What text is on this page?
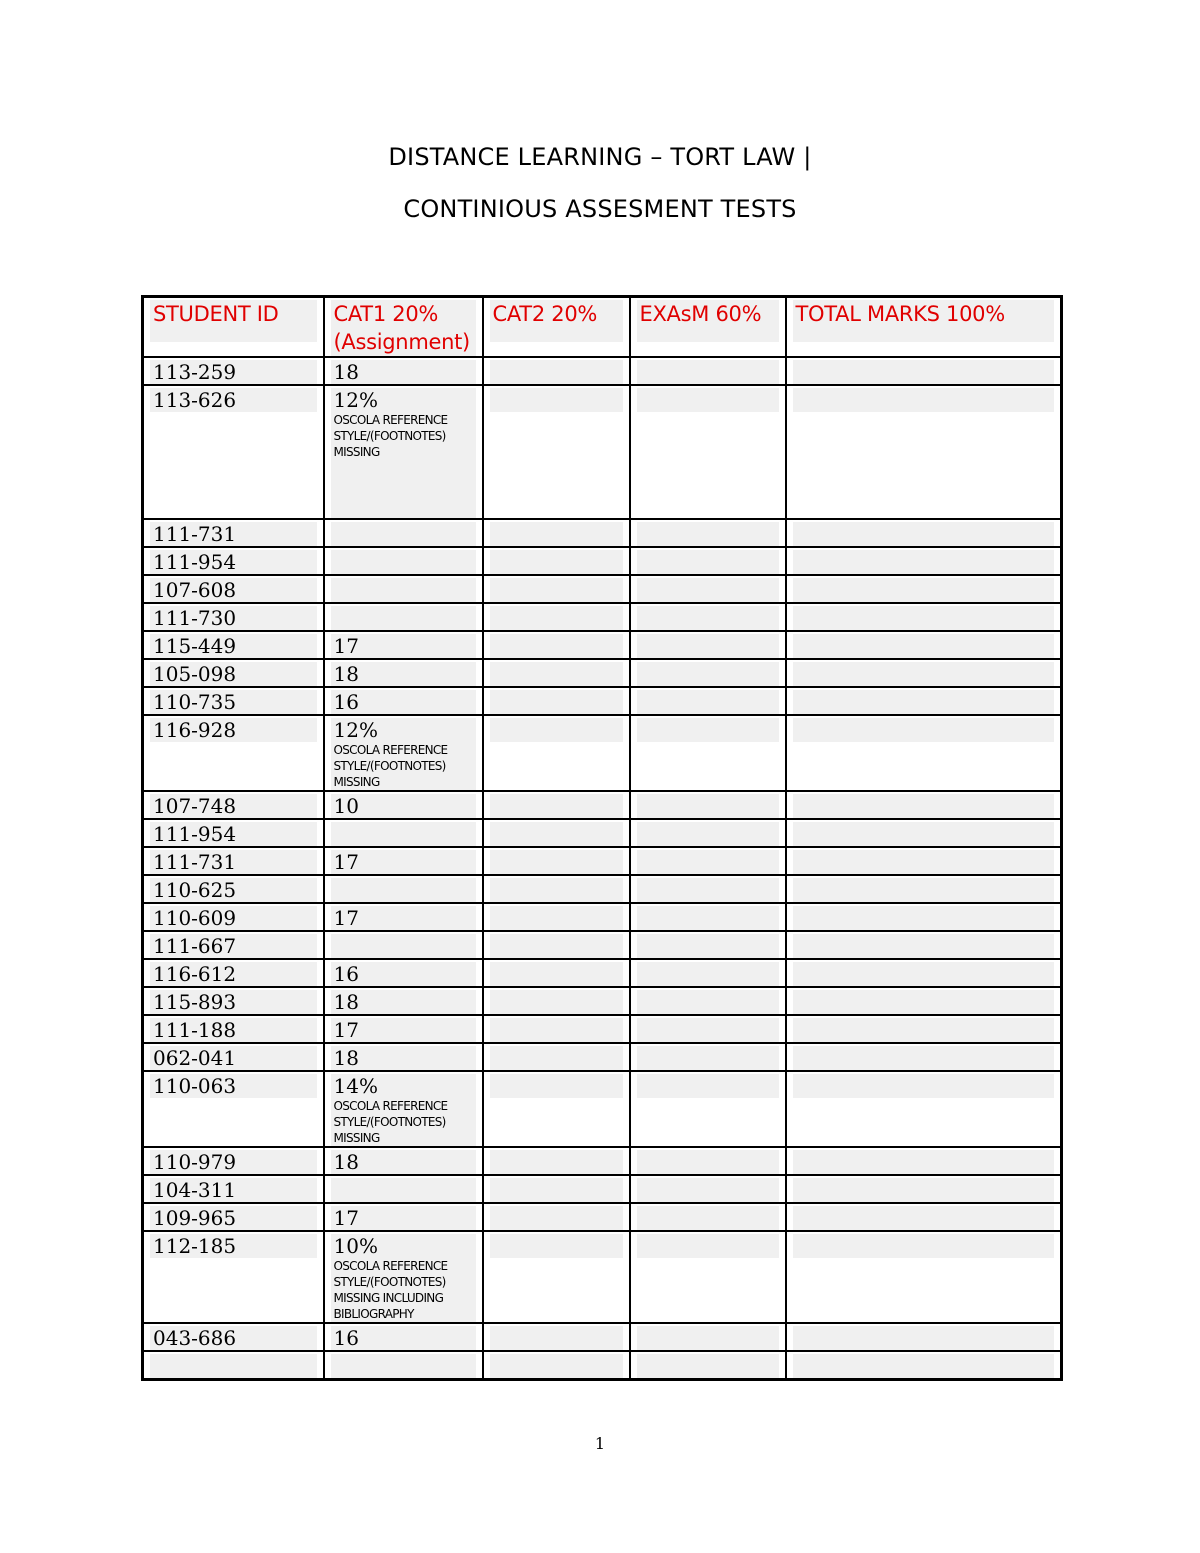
DISTANCE LEARNING – TORT LAW |
CONTINIOUS ASSESMENT TESTS
STUDENT ID	CAT1 20%
(Assignment)	CAT2 20%	EXAsM 60%	TOTAL MARKS 100%

113-259	18			

113-626	12%
OSCOLA REFERENCE STYLE/(FOOTNOTES) MISSING			

111-731				

111-954				

107-608				

111-730				

115-449	17			

105-098	18			

110-735	16			

116-928	12%
OSCOLA REFERENCE STYLE/(FOOTNOTES) MISSING			

107-748	10			

111-954				

111-731	17			

110-625				

110-609	17			

111-667				

116-612	16			

115-893	18			

111-188	17			

062-041	18			

110-063	14%
OSCOLA REFERENCE STYLE/(FOOTNOTES) MISSING			

110-979	18			

104-311				

109-965	17			

112-185	10%
OSCOLA REFERENCE STYLE/(FOOTNOTES) MISSING INCLUDING BIBLIOGRAPHY			

043-686	16			

1
